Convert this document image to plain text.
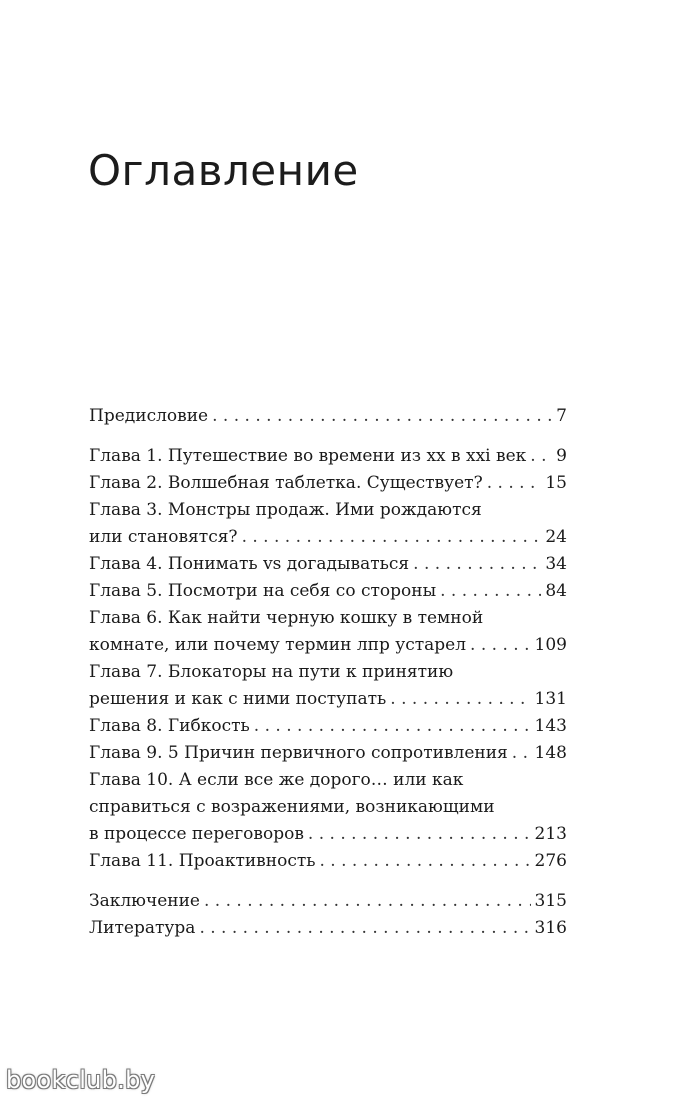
Оглавление
Предисловие . . .	7
Глава 1. Путешествие во времени из xx в xxi век . . . 9
Глава 2. Волшебная таблетка. Существует? . . .	15
Глава 3. Монстры продаж. Ими рождаются
или становятся? . . .	24
Глава 4. Понимать vs догадываться . . .	34
Глава 5. Посмотри на себя со стороны . . .	84
Глава 6. Как найти черную кошку в темной
комнате, или почему термин лпр устарел . . .	109
Глава 7. Блокаторы на пути к принятию
решения и как с ними поступать . . .	131
Глава 8. Гибкость . . .	143
Глава 9. 5 Причин первичного сопротивления . . . 148
Глава 10. А если все же дорого… или как
справиться с возражениями, возникающими
в процессе переговоров . . .	213
Глава 11. Проактивность . . .	276
Заключение . . .	315
Литература . . .	316
bookclub.by
